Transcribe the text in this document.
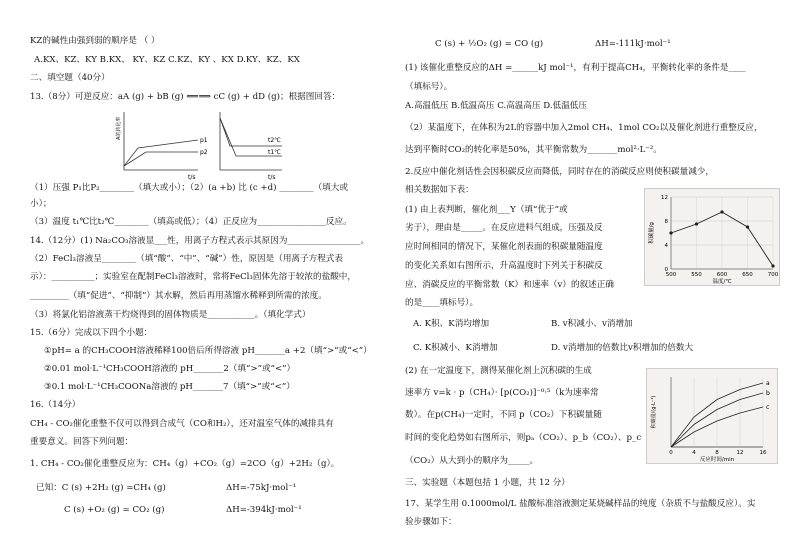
KZ的碱性由强到弱的顺序是 （ ）
A.KX、KZ、KY B.KX、 KY、KZ C.KZ、KY 、KX D.KY、KZ、KX
二、填空题（40分）
13.（8分）可逆反应：aA (g) + bB (g) ⟸⟹ cC (g) + dD (g)；根据图回答：
A的转化率
p1
p2
t/s
t2℃
t1℃
t/s
（1）压强 P₁比P₂________（填大或小）；（2）(a +b) 比 (c +d) ________（填大或
小）；
（3）温度 t₁℃比t₂℃________（填高或低）；（4）正反应为________________反应。
14.（12分）(1) Na₂CO₃溶液显___性，用离子方程式表示其原因为_________________。
（2）FeCl₃溶液呈________（填“酸”、“中”、“碱”）性，原因是（用离子方程式表
示）：__________；实验室在配制FeCl₃溶液时，常将FeCl₃固体先溶于较浓的盐酸中，
_________（填“促进”、“抑制”）其水解，然后再用蒸馏水稀释到所需的浓度。
（3）将氯化铝溶液蒸干灼烧得到的固体物质是___________。（填化学式）
15.（6分）完成以下四个小题：
①pH= a 的CH₃COOH溶液稀释100倍后所得溶液 pH_______a +2（填“>”或“<”）
②0.01 mol·L⁻¹CH₃COOH溶液的 pH_______2（填“>”或“<”）
③0.1 mol·L⁻¹CH₃COONa溶液的 pH_______7（填“>”或“<”）
16.（14分）
CH₄ - CO₂催化重整不仅可以得到合成气（CO和H₂），还对温室气体的减排具有
重要意义。回答下列问题：
1. CH₄ - CO₂催化重整反应为：CH₄（g）+CO₂（g）=2CO（g）+2H₂（g）。
已知：C (s) +2H₂ (g) =CH₄ (g)	ΔH=-75kJ·mol⁻¹
C (s) +O₂ (g) = CO₂ (g)	ΔH=-394kJ·mol⁻¹
C (s) + ½O₂ (g) = CO (g)	ΔH=-111kJ·mol⁻¹
(1) 该催化重整反应的ΔH =______kJ mol⁻¹，有利于提高CH₄，平衡转化率的条件是____
（填标号）。
A.高温低压 B.低温高压 C.高温高压 D.低温低压
（2）某温度下，在体积为2L的容器中加入2mol CH₄、1mol CO₂以及催化剂进行重整反应，
达到平衡时CO₂的转化率是50%，其平衡常数为_______mol²·L⁻²。
2.反应中催化剂话性会因积碳反应而降低，同时存在的消碳反应则使积碳量减少，
相关数据如下表：
(1) 由上表判断，催化剂___Y（填“优于”或
劣于），理由是_____。在反应进料气组成，压强及反
应时间相同的情况下，某催化剂表面的积碳量随温度
的变化关系如右图所示，升高温度时下列关于积碳反
应、消碳反应的平衡常数（K）和速率（v）的叙述正确
的是____填标号）。
A. K积、K消均增加	B. v积减小、v消增加
C. K积减小、K消增加	D. v消增加的倍数比v积增加的倍数大
(2) 在一定温度下，测得某催化剂上沉积碳的生成
速率方 v=k · p（CH₄）· [p(CO₂)]⁻⁰·⁵（k为速率常
数）。在p(CH₄)一定时，不同 p（CO₂）下积碳量随
时间的变化趋势如右图所示，则pₐ（CO₂）、p_b（CO₂）、p_c
（CO₂）从大到小的顺序为_____。
三、实验题（本题包括 1 小题，共 12 分）
17、某学生用 0.1000mol/L 盐酸标准溶液测定某烧碱样品的纯度（杂质不与盐酸反应）。实
验步骤如下：
0
4
8
12
500	550	600	650	700
温度/℃
积碳量/g
0	4	8	12	16
a
b
c
反应时间/min
积碳量/(g·L⁻¹)
